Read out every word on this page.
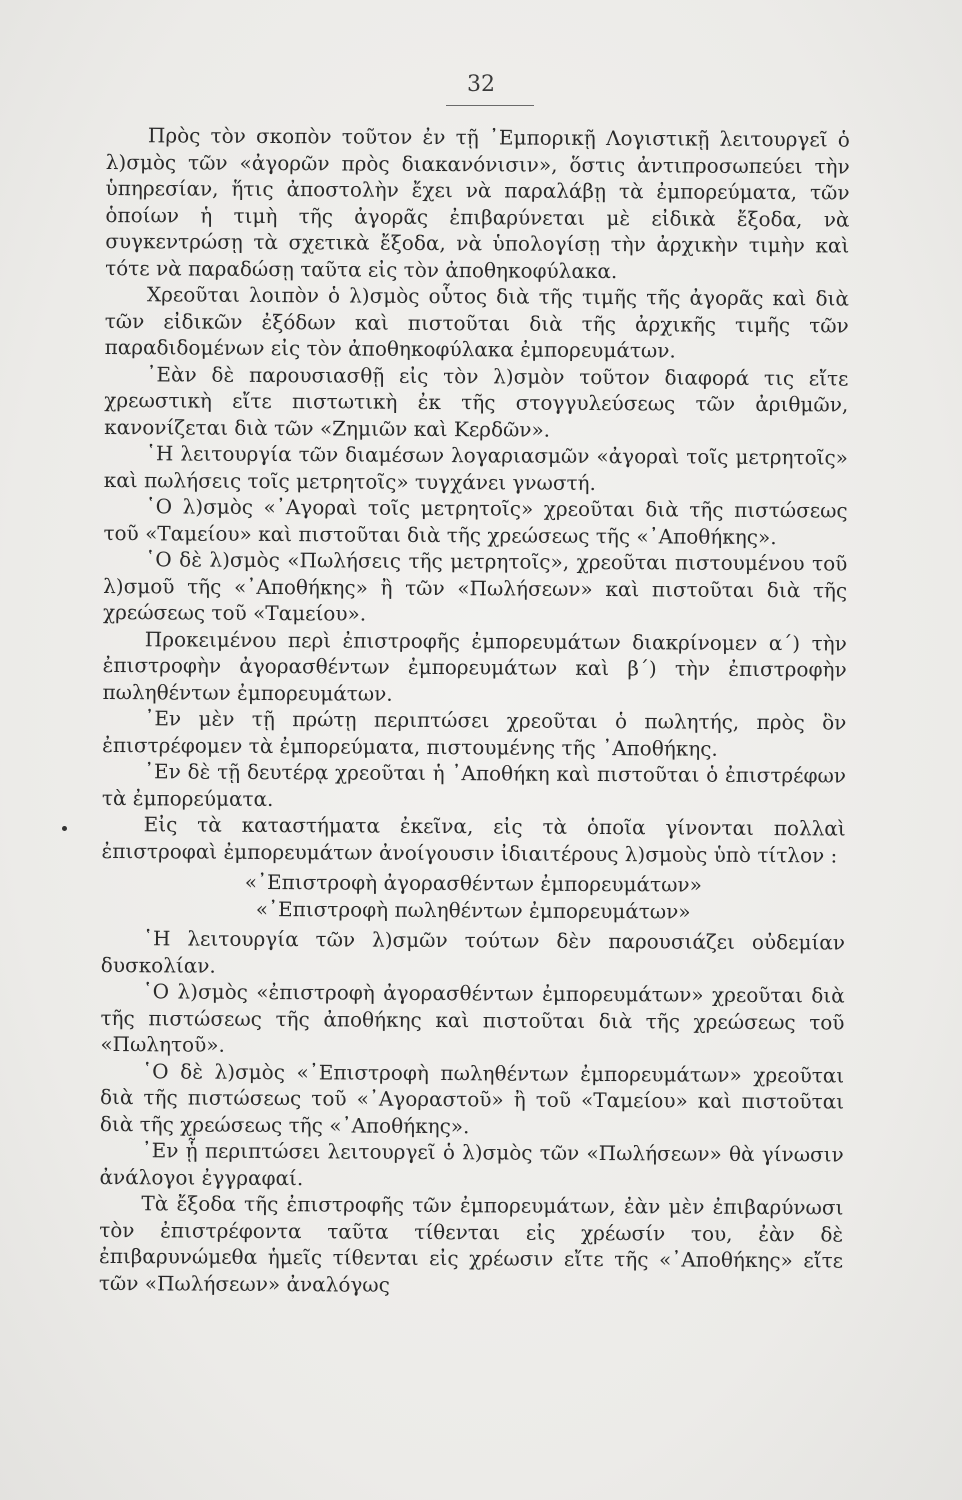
32

Πρὸς τὸν σκοπὸν τοῦτον ἐν τῇ ᾿Εμπορικῇ Λογιστικῇ λειτουργεῖ ὁ λ)σμὸς τῶν «ἀγορῶν πρὸς διακανόνισιν», ὅστις ἀντιπροσωπεύει τὴν ὑπηρεσίαν, ἥτις ἀποστολὴν ἔχει νὰ παραλάβῃ τὰ ἐμπορεύματα, τῶν ὁποίων ἡ τιμὴ τῆς ἀγορᾶς ἐπιβαρύνεται μὲ εἰδικὰ ἔξοδα, νὰ συγκεντρώσῃ τὰ σχετικὰ ἔξοδα, νὰ ὑπολογίσῃ τὴν ἀρχικὴν τιμὴν καὶ τότε νὰ παραδώσῃ ταῦτα εἰς τὸν ἀποθηκοφύλακα.

Χρεοῦται λοιπὸν ὁ λ)σμὸς οὗτος διὰ τῆς τιμῆς τῆς ἀγορᾶς καὶ διὰ τῶν εἰδικῶν ἐξόδων καὶ πιστοῦται διὰ τῆς ἀρχικῆς τιμῆς τῶν παραδιδομένων εἰς τὸν ἀποθηκοφύλακα ἐμπορευμάτων.

᾿Εὰν δὲ παρουσιασθῇ εἰς τὸν λ)σμὸν τοῦτον διαφορά τις εἴτε χρεωστικὴ εἴτε πιστωτικὴ ἐκ τῆς στογγυλεύσεως τῶν ἀριθμῶν, κανονίζεται διὰ τῶν «Ζημιῶν καὶ Κερδῶν».

῾Η λειτουργία τῶν διαμέσων λογαριασμῶν «ἀγοραὶ τοῖς μετρητοῖς» καὶ πωλήσεις τοῖς μετρητοῖς» τυγχάνει γνωστή.

῾Ο λ)σμὸς «᾿Αγοραὶ τοῖς μετρητοῖς» χρεοῦται διὰ τῆς πιστώσεως τοῦ «Ταμείου» καὶ πιστοῦται διὰ τῆς χρεώσεως τῆς «᾿Αποθήκης».

῾Ο δὲ λ)σμὸς «Πωλήσεις τῆς μετρητοῖς», χρεοῦται πιστουμένου τοῦ λ)σμοῦ τῆς «᾿Αποθήκης» ἢ τῶν «Πωλήσεων» καὶ πιστοῦται διὰ τῆς χρεώσεως τοῦ «Ταμείου».

Προκειμένου περὶ ἐπιστροφῆς ἐμπορευμάτων διακρίνομεν α΄) τὴν ἐπιστροφὴν ἀγορασθέντων ἐμπορευμάτων καὶ β΄) τὴν ἐπιστροφὴν πωληθέντων ἐμπορευμάτων.

᾿Εν μὲν τῇ πρώτῃ περιπτώσει χρεοῦται ὁ πωλητής, πρὸς ὃν ἐπιστρέφομεν τὰ ἐμπορεύματα, πιστουμένης τῆς ᾿Αποθήκης.

᾿Εν δὲ τῇ δευτέρᾳ χρεοῦται ἡ ᾿Αποθήκη καὶ πιστοῦται ὁ ἐπιστρέφων τὰ ἐμπορεύματα.

Εἰς τὰ καταστήματα ἐκεῖνα, εἰς τὰ ὁποῖα γίνονται πολλαὶ ἐπιστροφαὶ ἐμπορευμάτων ἀνοίγουσιν ἰδιαιτέρους λ)σμοὺς ὑπὸ τίτλον :

«᾿Επιστροφὴ ἀγορασθέντων ἐμπορευμάτων»
«᾿Επιστροφὴ πωληθέντων ἐμπορευμάτων»

῾Η λειτουργία τῶν λ)σμῶν τούτων δὲν παρουσιάζει οὐδεμίαν δυσκολίαν.

῾Ο λ)σμὸς «ἐπιστροφὴ ἀγορασθέντων ἐμπορευμάτων» χρεοῦται διὰ τῆς πιστώσεως τῆς ἀποθήκης καὶ πιστοῦται διὰ τῆς χρεώσεως τοῦ «Πωλητοῦ».

῾Ο δὲ λ)σμὸς «᾿Επιστροφὴ πωληθέντων ἐμπορευμάτων» χρεοῦται διὰ τῆς πιστώσεως τοῦ «᾿Αγοραστοῦ» ἢ τοῦ «Ταμείου» καὶ πιστοῦται διὰ τῆς χρεώσεως τῆς «᾿Αποθήκης».

᾿Εν ᾗ περιπτώσει λειτουργεῖ ὁ λ)σμὸς τῶν «Πωλήσεων» θὰ γίνωσιν ἀνάλογοι ἐγγραφαί.

Τὰ ἔξοδα τῆς ἐπιστροφῆς τῶν ἐμπορευμάτων, ἐὰν μὲν ἐπιβαρύνωσι τὸν ἐπιστρέφοντα ταῦτα τίθενται εἰς χρέωσίν του, ἐὰν δὲ ἐπιβαρυνώμεθα ἡμεῖς τίθενται εἰς χρέωσιν εἴτε τῆς «᾿Αποθήκης» εἴτε τῶν «Πωλήσεων» ἀναλόγως
